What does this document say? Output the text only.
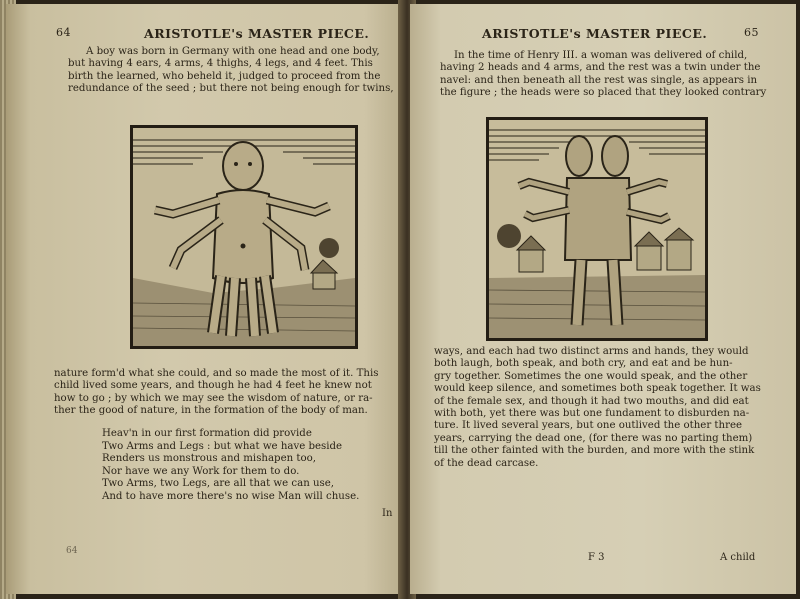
64	ARISTOTLE's MASTER PIECE.

A boy was born in Germany with one head and one body,

but having 4 ears, 4 arms, 4 thighs, 4 legs, and 4 feet. This

birth the learned, who beheld it, judged to proceed from the

redundance of the seed ; but there not being enough for twins,

nature form'd what she could, and so made the most of it. This

child lived some years, and though he had 4 feet he knew not

how to go ; by which we may see the wisdom of nature, or ra-

ther the good of nature, in the formation of the body of man.

Heav'n in our first formation did provide
Two Arms and Legs : but what we have beside
Renders us monstrous and mishapen too,
Nor have we any Work for them to do.
Two Arms, two Legs, are all that we can use,
And to have more there's no wise Man will chuse.
In
64
ARISTOTLE's MASTER PIECE.	65

In the time of Henry III. a woman was delivered of child,

having 2 heads and 4 arms, and the rest was a twin under the

navel: and then beneath all the rest was single, as appears in

the figure ; the heads were so placed that they looked contrary

ways, and each had two distinct arms and hands, they would

both laugh, both speak, and both cry, and eat and be hun-

gry together. Sometimes the one would speak, and the other

would keep silence, and sometimes both speak together. It was

of the female sex, and though it had two mouths, and did eat

with both, yet there was but one fundament to disburden na-

ture. It lived several years, but one outlived the other three

years, carrying the dead one, (for there was no parting them)

till the other fainted with the burden, and more with the stink

of the dead carcase.

F 3	A child
